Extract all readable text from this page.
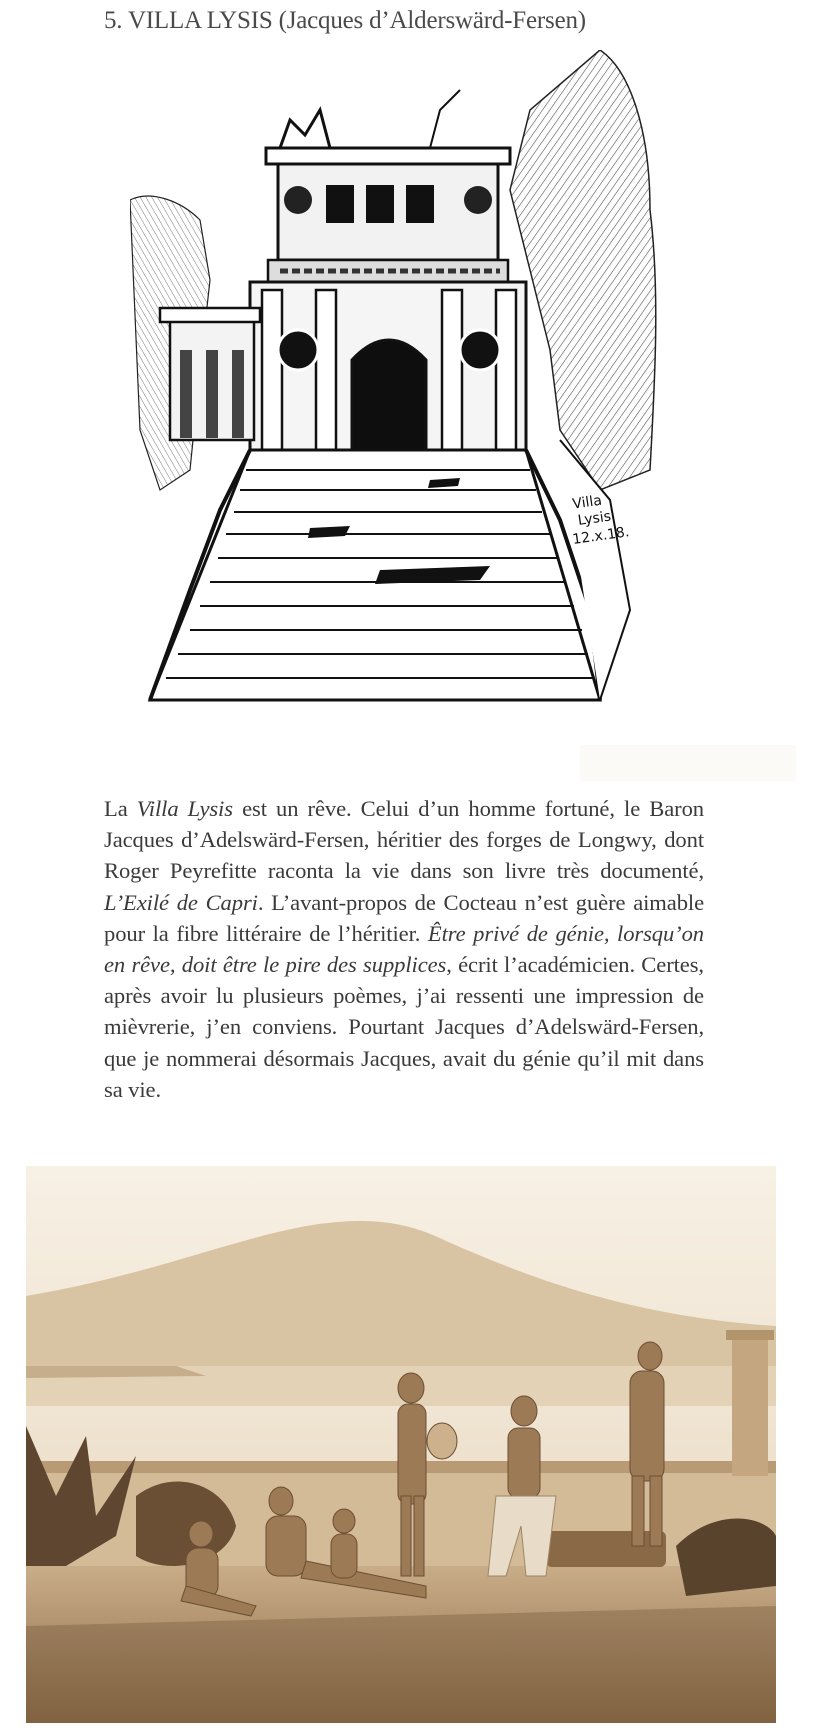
5. VILLA LYSIS (Jacques d’Alderswärd-Fersen)
Villa
Lysis
12.x.18.

La Villa Lysis est un rêve. Celui d’un homme fortuné, le Baron Jacques d’Adelswärd-Fersen, héritier des forges de Longwy, dont Roger Peyrefitte raconta la vie dans son livre très documenté, L’Exilé de Capri. L’avant-propos de Cocteau n’est guère aimable pour la fibre littéraire de l’héritier. Être privé de génie, lorsqu’on en rêve, doit être le pire des supplices, écrit l’académicien. Certes, après avoir lu plusieurs poèmes, j’ai ressenti une impression de mièvrerie, j’en conviens. Pourtant Jacques d’Adelswärd-Fersen, que je nommerai désormais Jacques, avait du génie qu’il mit dans sa vie.
